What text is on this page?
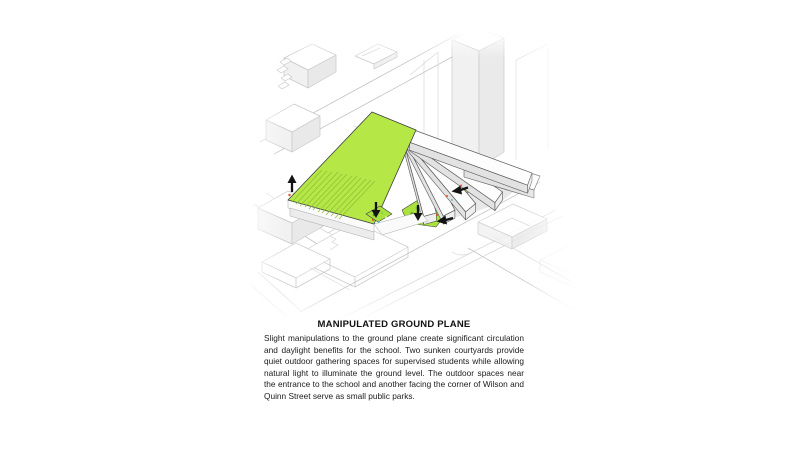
MANIPULATED GROUND PLANE

Slight manipulations to the ground plane create significant circulation and daylight benefits for the school. Two sunken courtyards provide quiet outdoor gathering spaces for supervised students while allowing natural light to illuminate the ground level. The outdoor spaces near the entrance to the school and another facing the corner of Wilson and Quinn Street serve as small public parks.
